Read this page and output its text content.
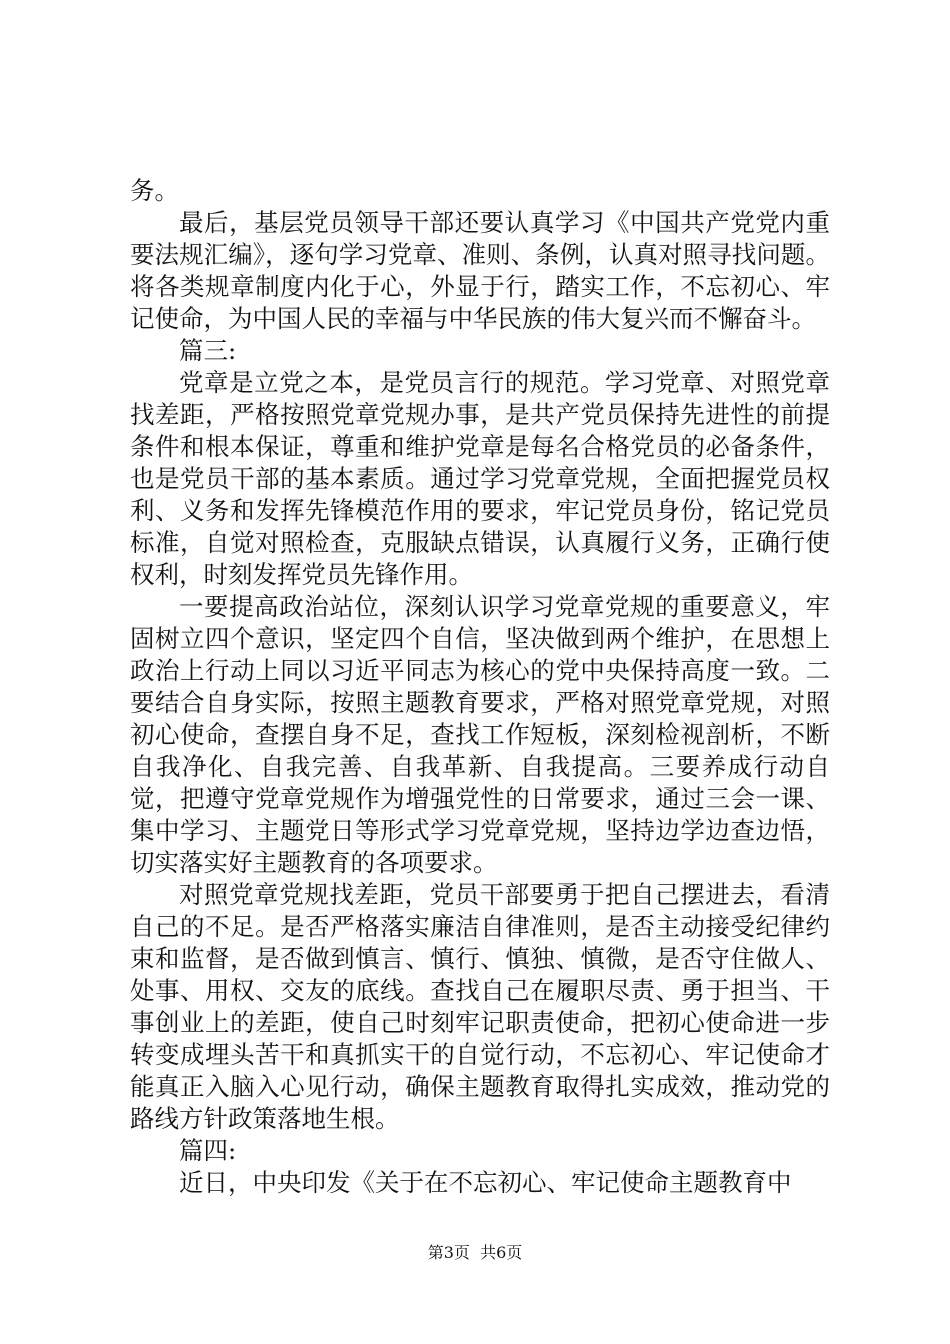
务。

最后，基层党员领导干部还要认真学习《中国共产党党内重要法规汇编》，逐句学习党章、准则、条例，认真对照寻找问题。将各类规章制度内化于心，外显于行，踏实工作，不忘初心、牢记使命，为中国人民的幸福与中华民族的伟大复兴而不懈奋斗。

篇三:

党章是立党之本，是党员言行的规范。学习党章、对照党章找差距，严格按照党章党规办事，是共产党员保持先进性的前提条件和根本保证，尊重和维护党章是每名合格党员的必备条件，也是党员干部的基本素质。通过学习党章党规，全面把握党员权利、义务和发挥先锋模范作用的要求，牢记党员身份，铭记党员标准，自觉对照检查，克服缺点错误，认真履行义务，正确行使权利，时刻发挥党员先锋作用。

一要提高政治站位，深刻认识学习党章党规的重要意义，牢固树立四个意识，坚定四个自信，坚决做到两个维护，在思想上政治上行动上同以习近平同志为核心的党中央保持高度一致。二要结合自身实际，按照主题教育要求，严格对照党章党规，对照初心使命，查摆自身不足，查找工作短板，深刻检视剖析，不断自我净化、自我完善、自我革新、自我提高。三要养成行动自觉，把遵守党章党规作为增强党性的日常要求，通过三会一课、集中学习、主题党日等形式学习党章党规，坚持边学边查边悟，切实落实好主题教育的各项要求。

对照党章党规找差距，党员干部要勇于把自己摆进去，看清自己的不足。是否严格落实廉洁自律准则，是否主动接受纪律约束和监督，是否做到慎言、慎行、慎独、慎微，是否守住做人、处事、用权、交友的底线。查找自己在履职尽责、勇于担当、干事创业上的差距，使自己时刻牢记职责使命，把初心使命进一步转变成埋头苦干和真抓实干的自觉行动，不忘初心、牢记使命才能真正入脑入心见行动，确保主题教育取得扎实成效，推动党的路线方针政策落地生根。

篇四:

近日，中央印发《关于在不忘初心、牢记使命主题教育中

第3页  共6页
